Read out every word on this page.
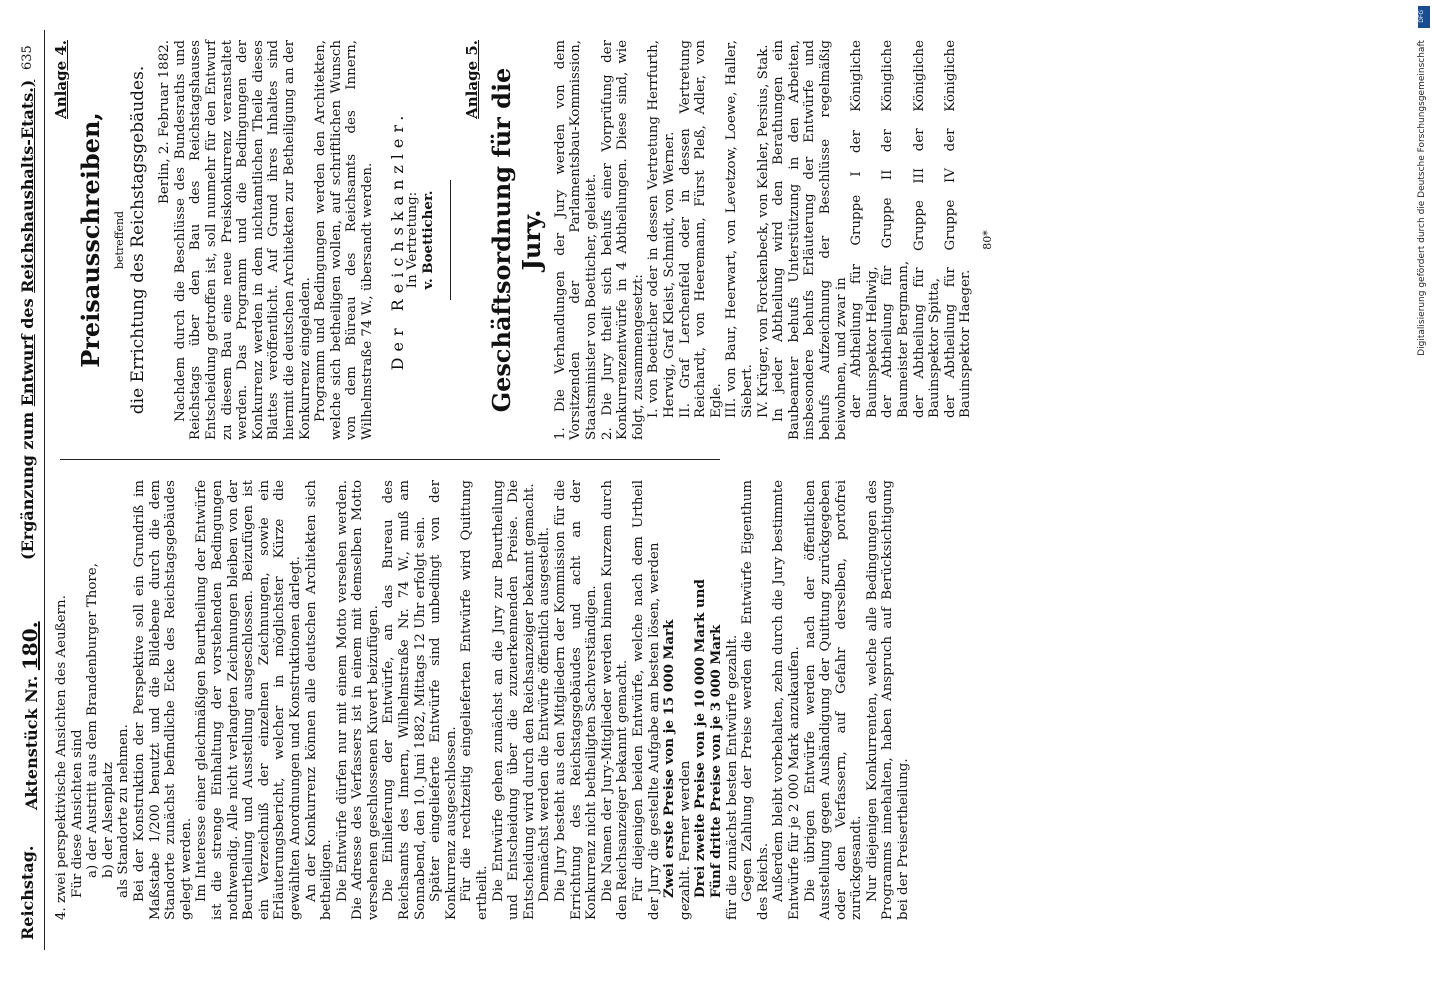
Reichstag.
Aktenstück Nr. 180.
(Ergänzung zum Entwurf des Reichshaushalts-Etats.)
635

4. zwei perspektivische Ansichten des Aeußern. Für diese Ansichten sind a) der Austritt aus dem Brandenburger Thore, b) der Alsenplatz als Standorte zu nehmen. Bei der Konstruktion der Perspektive soll ein Grundriß im Maßstabe 1/200 benutzt und die Bildebene durch die dem Standorte zunächst befindliche Ecke des Reichstagsgebäudes gelegt werden. Im Interesse einer gleichmäßigen Beurtheilung der Entwürfe ist die strenge Einhaltung der vorstehenden Bedingungen nothwendig. Alle nicht verlangten Zeichnungen bleiben von der Beurtheilung und Ausstellung ausgeschlossen. Beizufügen ist ein Verzeichniß der einzelnen Zeichnungen, sowie ein Erläuterungsbericht, welcher in möglichster Kürze die gewählten Anordnungen und Konstruktionen darlegt. An der Konkurrenz können alle deutschen Architekten sich betheiligen. Die Entwürfe dürfen nur mit einem Motto versehen werden. Die Adresse des Verfassers ist in einem mit demselben Motto versehenen geschlossenen Kuvert beizufügen. Die Einlieferung der Entwürfe, an das Bureau des Reichsamts des Innern, Wilhelmstraße Nr. 74 W., muß am Sonnabend, den 10. Juni 1882, Mittags 12 Uhr erfolgt sein. Später eingelieferte Entwürfe sind unbedingt von der Konkurrenz ausgeschlossen. Für die rechtzeitig eingelieferten Entwürfe wird Quittung ertheilt. Die Entwürfe gehen zunächst an die Jury zur Beurtheilung und Entscheidung über die zuzuerkennenden Preise. Die Entscheidung wird durch den Reichsanzeiger bekannt gemacht. Demnächst werden die Entwürfe öffentlich ausgestellt. Die Jury besteht aus den Mitgliedern der Kommission für die Errichtung des Reichstagsgebäudes und acht an der Konkurrenz nicht betheiligten Sachverständigen. Die Namen der Jury-Mitglieder werden binnen Kurzem durch den Reichsanzeiger bekannt gemacht. Für diejenigen beiden Entwürfe, welche nach dem Urtheil der Jury die gestellte Aufgabe am besten lösen, werden Zwei erste Preise von je 15 000 Mark gezahlt. Ferner werden Drei zweite Preise von je 10 000 Mark und Fünf dritte Preise von je 3 000 Mark für die zunächst besten Entwürfe gezahlt. Gegen Zahlung der Preise werden die Entwürfe Eigenthum des Reichs. Außerdem bleibt vorbehalten, zehn durch die Jury bestimmte Entwürfe für je 2 000 Mark anzukaufen. Die übrigen Entwürfe werden nach der öffentlichen Ausstellung gegen Aushändigung der Quittung zurückgegeben oder den Verfassern, auf Gefahr derselben, portofrei zurückgesandt. Nur diejenigen Konkurrenten, welche alle Bedingungen des Programms innehalten, haben Anspruch auf Berücksichtigung bei der Preisertheilung.

Anlage 4.
Preisausschreiben, betreffend die Errichtung des Reichstagsgebäudes. Berlin, 2. Februar 1882. Nachdem durch die Beschlüsse des Bundesraths und Reichstags über den Bau des Reichstagshauses Entscheidung getroffen ist, soll nunmehr für den Entwurf zu diesem Bau eine neue Preiskonkurrenz veranstaltet werden. Das Programm und die Bedingungen der Konkurrenz werden in dem nichtamtlichen Theile dieses Blattes veröffentlicht. Auf Grund ihres Inhaltes sind hiermit die deutschen Architekten zur Betheiligung an der Konkurrenz eingeladen. Programm und Bedingungen werden den Architekten, welche sich betheiligen wollen, auf schriftlichen Wunsch von dem Büreau des Reichsamts des Innern, Wilhelmstraße 74 W., übersandt werden. Der Reichskanzler.
In Vertretung: v. Boetticher.
Anlage 5. Geschäftsordnung für die Jury. 1. Die Verhandlungen der Jury werden von dem Vorsitzenden der Parlamentsbau-Kommission, Staatsminister von Boetticher, geleitet. 2. Die Jury theilt sich behufs einer Vorprüfung der Konkurrenzentwürfe in 4 Abtheilungen. Diese sind, wie folgt, zusammengesetzt: I. von Boetticher oder in dessen Vertretung Herrfurth, Herwig, Graf Kleist, Schmidt, von Werner. II. Graf Lerchenfeld oder in dessen Vertretung Reichardt, von Heeremann, Fürst Pleß, Adler, von Egle. III. von Baur, Heerwart, von Levetzow, Loewe, Haller, Siebert. IV. Krüger, von Forckenbeck, von Kehler, Persius, Stak. In jeder Abtheilung wird den Berathungen ein Baubeamter behufs Unterstützung in den Arbeiten, insbesondere behufs Erläuterung der Entwürfe und behufs Aufzeichnung der Beschlüsse regelmäßig beiwohnen, und zwar in der Abtheilung für Gruppe I der Königliche Bauinspektor Hellwig, der Abtheilung für Gruppe II der Königliche Baumeister Bergmann, der Abtheilung für Gruppe III der Königliche Bauinspektor Spitta, der Abtheilung für Gruppe IV der Königliche Bauinspektor Haeger.

80*
DFG
Digitalisierung gefördert durch die Deutsche Forschungsgemeinschaft
